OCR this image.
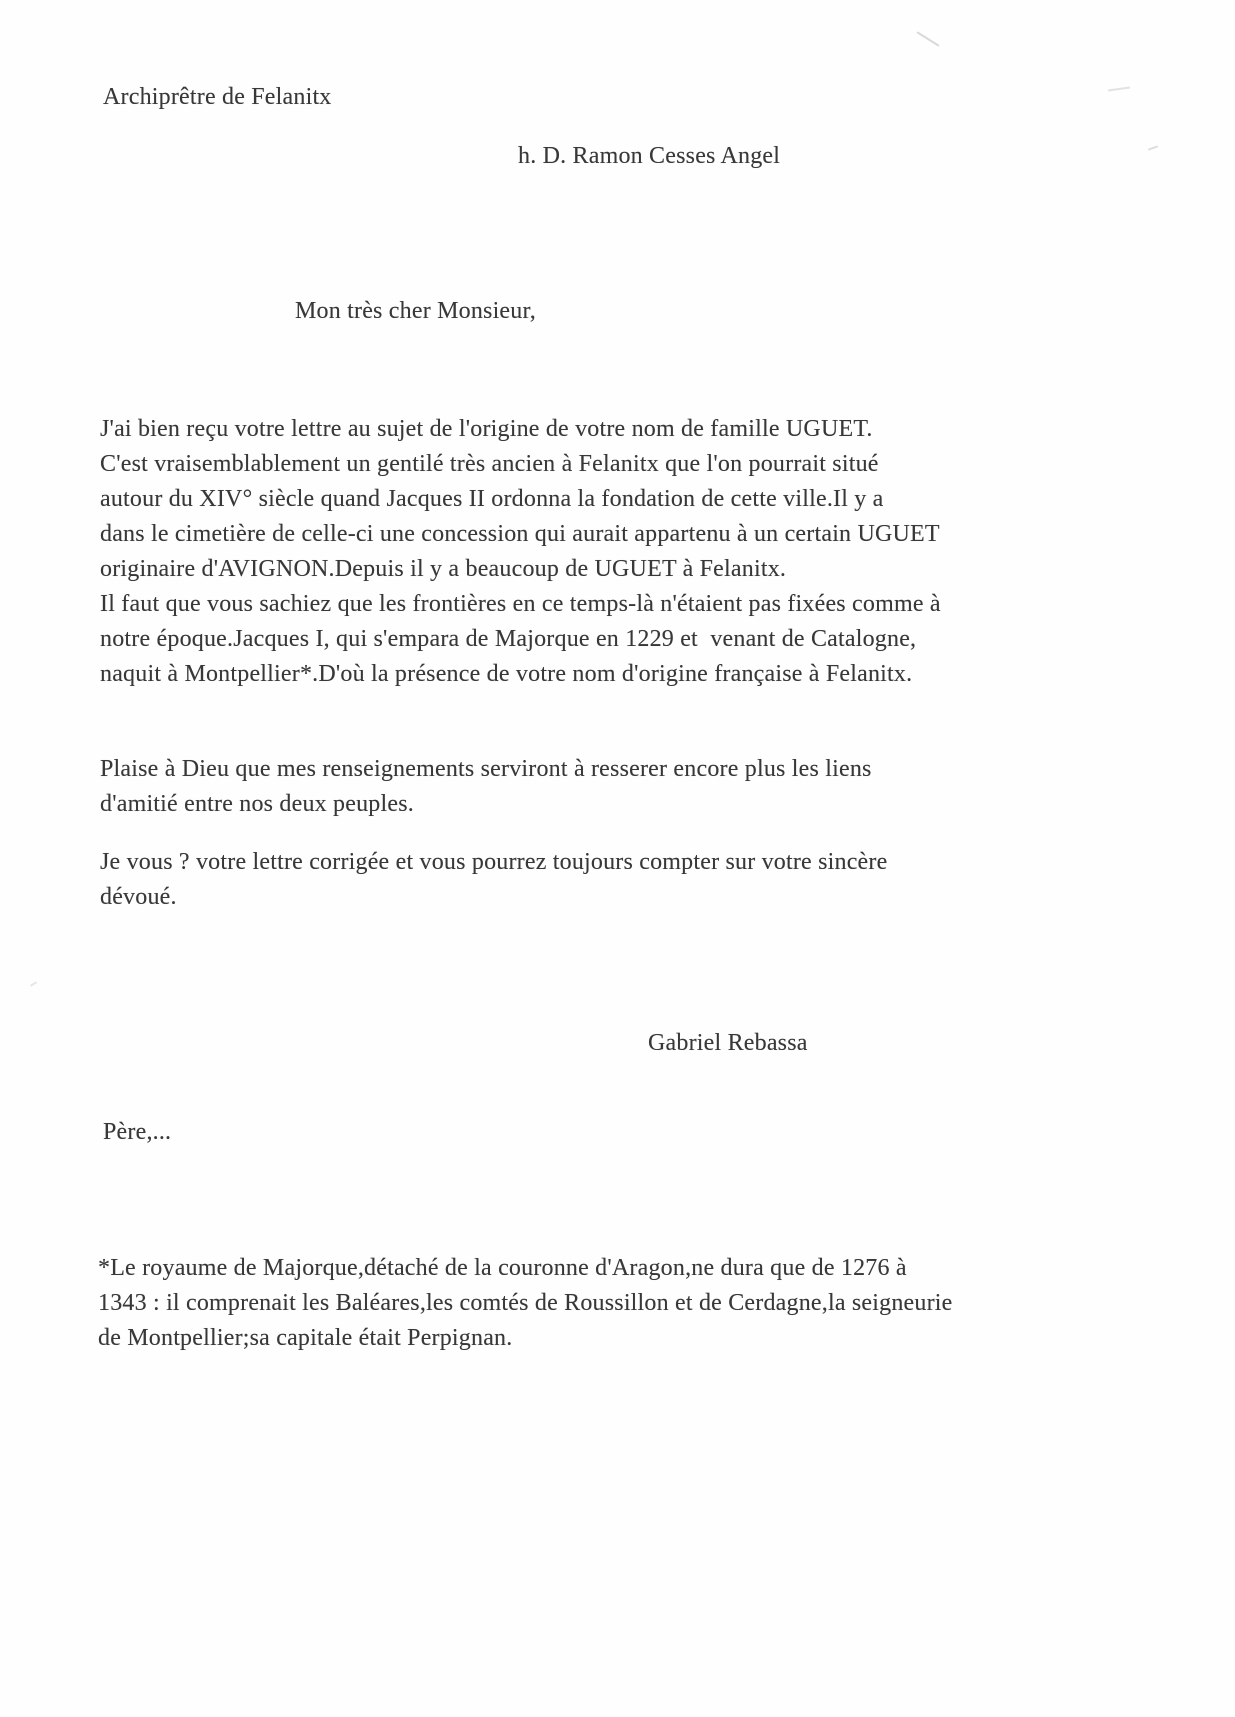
Archiprêtre de Felanitx
h. D. Ramon Cesses Angel
Mon très cher Monsieur,
J'ai bien reçu votre lettre au sujet de l'origine de votre nom de famille UGUET.
C'est vraisemblablement un gentilé très ancien à Felanitx que l'on pourrait situé
autour du XIV° siècle quand Jacques II ordonna la fondation de cette ville.Il y a
dans le cimetière de celle-ci une concession qui aurait appartenu à un certain UGUET
originaire d'AVIGNON.Depuis il y a beaucoup de UGUET à Felanitx.
Il faut que vous sachiez que les frontières en ce temps-là n'étaient pas fixées comme à
notre époque.Jacques I, qui s'empara de Majorque en 1229 et  venant de Catalogne,
naquit à Montpellier*.D'où la présence de votre nom d'origine française à Felanitx.
Plaise à Dieu que mes renseignements serviront à resserer encore plus les liens
d'amitié entre nos deux peuples.
Je vous ? votre lettre corrigée et vous pourrez toujours compter sur votre sincère
dévoué.
Gabriel Rebassa
Père,...
*Le royaume de Majorque,détaché de la couronne d'Aragon,ne dura que de 1276 à
1343 : il comprenait les Baléares,les comtés de Roussillon et de Cerdagne,la seigneurie
de Montpellier;sa capitale était Perpignan.
